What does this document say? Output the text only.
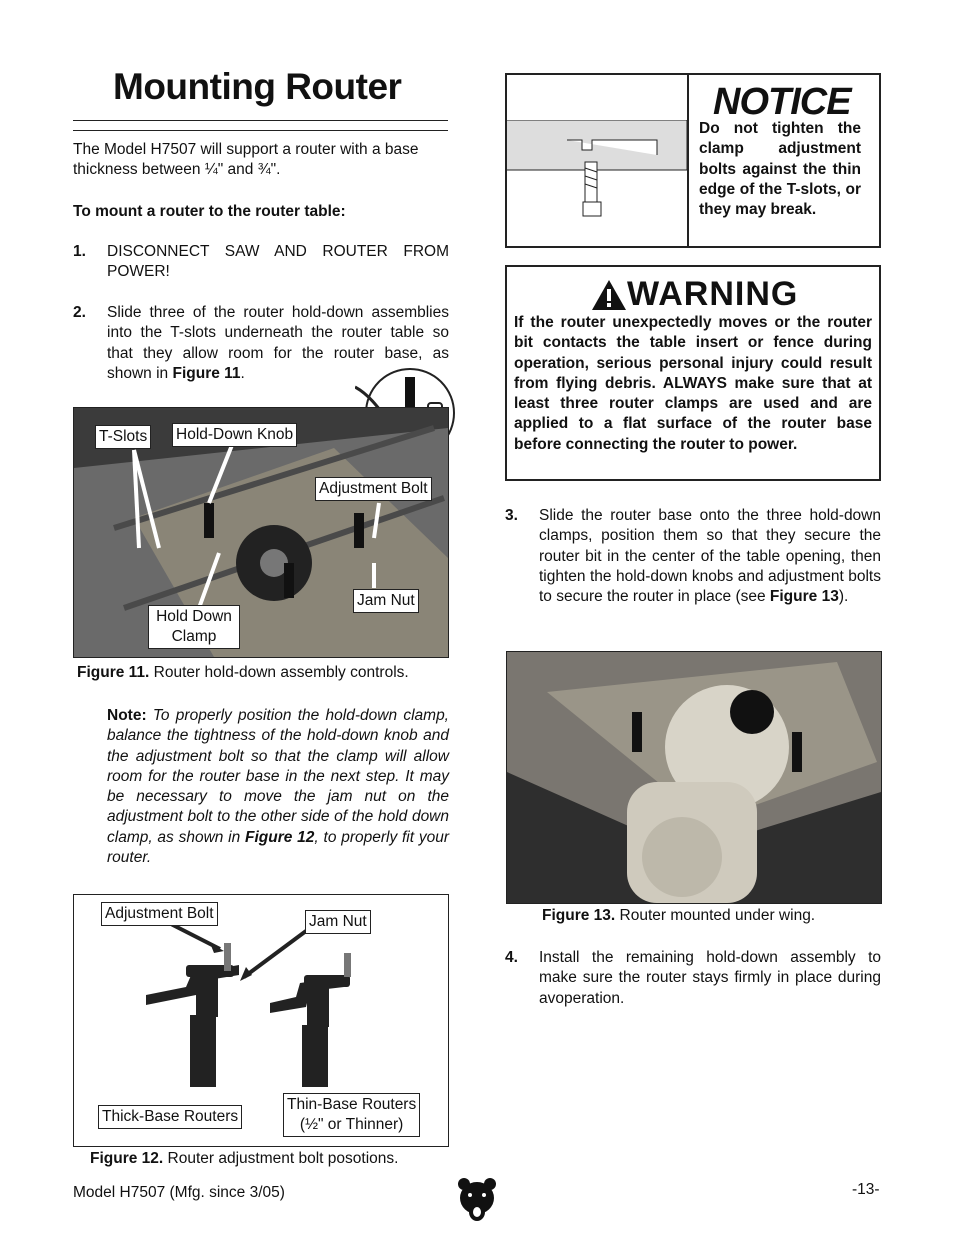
Mounting Router
The Model H7507 will support a router with a base
thickness between ¼" and ¾".
To mount a router to the router table:
1. DISCONNECT SAW AND ROUTER FROM POWER!
2. Slide three of the router hold-down assemblies into the T-slots underneath the router table so that they allow room for the router base, as shown in Figure 11.
T-Slots Hold-Down Knob
Adjustment Bolt
Jam Nut
Hold Down Clamp
Figure 11. Router hold-down assembly controls.
Note: To properly position the hold-down clamp, balance the tightness of the hold-down knob and the adjustment bolt so that the clamp will allow room for the router base in the next step. It may be necessary to move the jam nut on the adjustment bolt to the other side of the hold down clamp, as shown in Figure 12, to properly fit your router.
Adjustment Bolt	Jam Nut
Thick-Base Routers
Thin-Base Routers
(½" or Thinner)
Figure 12. Router adjustment bolt posotions.
NOTICE
Do not tighten the clamp adjustment bolts against the thin edge of the T-slots, or they may break.
WARNING
If the router unexpectedly moves or the router bit contacts the table insert or fence during operation, serious personal injury could result from flying debris. ALWAYS make sure that at least three router clamps are used and are applied to a flat surface of the router base before connecting the router to power.
3. Slide the router base onto the three hold-down clamps, position them so that they secure the router bit in the center of the table opening, then tighten the hold-down knobs and adjustment bolts to secure the router in place (see Figure 13).
Figure 13. Router mounted under wing.
4. Install the remaining hold-down assembly to make sure the router stays firmly in place during avoperation.
Model H7507 (Mfg. since 3/05)	-13-
